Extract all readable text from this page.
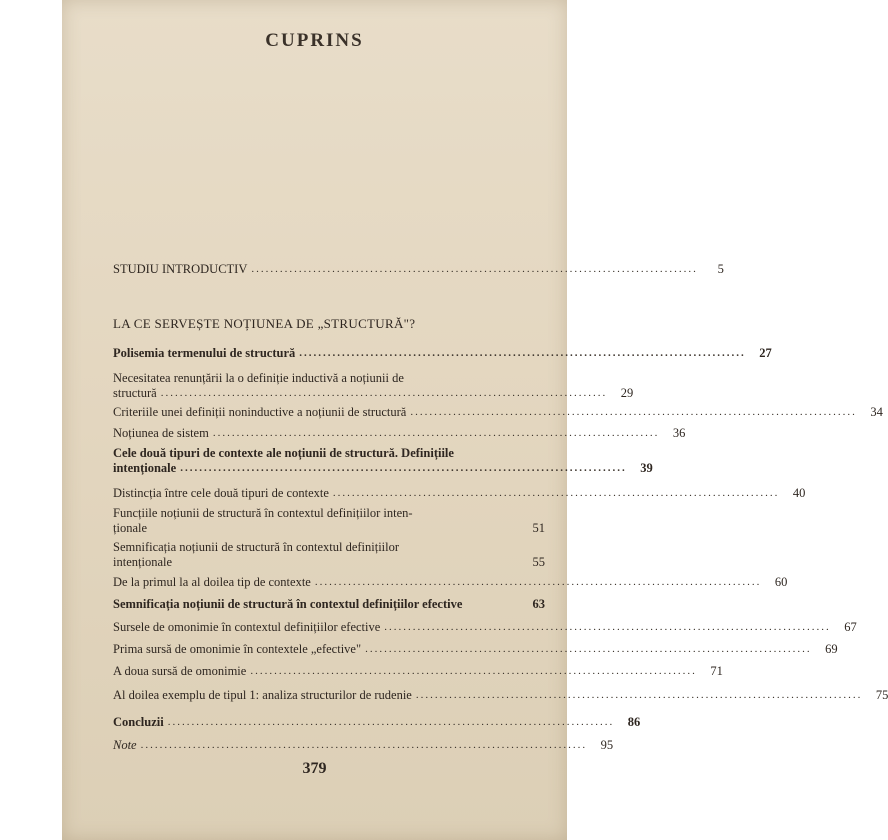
CUPRINS
STUDIU INTRODUCTIV ..............................................................................................	5
LA CE SERVEȘTE NOȚIUNEA DE „STRUCTURĂ"?
Polisemia termenului de structură ..............................................................................................	27
Necesitatea renunțării la o definiție inductivă a noțiunii de
structură ..............................................................................................	29
Criteriile unei definiții noninductive a noțiunii de structură ..............................................................................................	34
Noțiunea de sistem ..............................................................................................	36
Cele două tipuri de contexte ale noțiunii de structură. Definițiile
intenționale ..............................................................................................	39
Distincția între cele două tipuri de contexte ..............................................................................................	40
Funcțiile noțiunii de structură în contextul definițiilor inten-
ționale	51
Semnificația noțiunii de structură în contextul definițiilor
intenționale	55
De la primul la al doilea tip de contexte ..............................................................................................	60
Semnificația noțiunii de structură în contextul definițiilor efective	63
Sursele de omonimie în contextul definițiilor efective ..............................................................................................	67
Prima sursă de omonimie în contextele „efective" ..............................................................................................	69
A doua sursă de omonimie ..............................................................................................	71
Al doilea exemplu de tipul 1: analiza structurilor de rudenie ..............................................................................................	75
Concluzii ..............................................................................................	86
Note ..............................................................................................	95
379
